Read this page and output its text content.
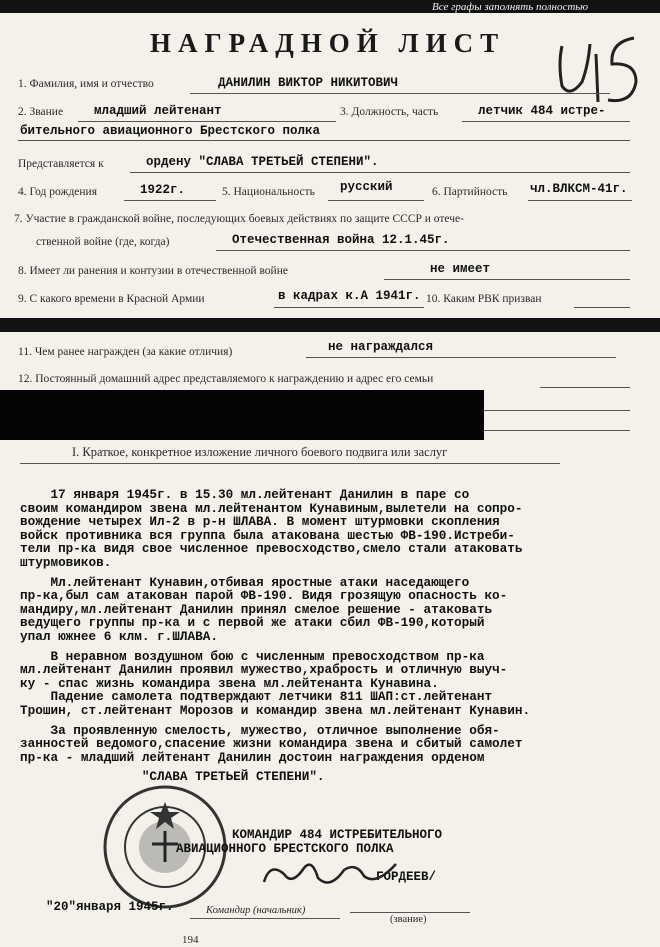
Все графы заполнять полностью
НАГРАДНОЙ ЛИСТ
1. Фамилия, имя и отчество	ДАНИЛИН ВИКТОР НИКИТОВИЧ
2. Звание младший лейтенант	3. Должность, часть	летчик 484 истре-
бительного авиационного Брестского полка
Представляется к	ордену "СЛАВА ТРЕТЬЕЙ СТЕПЕНИ".
4. Год рождения	1922г.	5. Национальность русский	6. Партийность чл.ВЛКСМ-41г.
7. Участие в гражданской войне, последующих боевых действиях по защите СССР и отече-
ственной войне (где, когда)	Отечественная война 12.1.45г.
8. Имеет ли ранения и контузии в отечественной войне	не имеет
9. С какого времени в Красной Армии	в кадрах к.А 1941г. 10. Каким РВК призван
11. Чем ранее награжден (за какие отличия)	не награждался
12. Постоянный домашний адрес представляемого к награждению и адрес его семьи
I. Краткое, конкретное изложение личного боевого подвига или заслуг
17 января 1945г. в 15.30 мл.лейтенант Данилин в паре со
своим командиром звена мл.лейтенантом Кунавиным,вылетели на сопро-
вождение четырех Ил-2 в р-н ШЛАВА. В момент штурмовки скопления
войск противника вся группа была атакована шестью ФВ-190.Истреби-
тели пр-ка видя свое численное превосходство,смело стали атаковать
штурмовиков.
Мл.лейтенант Кунавин,отбивая яростные атаки наседающего
пр-ка,был сам атакован парой ФВ-190. Видя грозящую опасность ко-
мандиру,мл.лейтенант Данилин принял смелое решение - атаковать
ведущего группы пр-ка и с первой же атаки сбил ФВ-190,который
упал южнее 6 клм. г.ШЛАВА.
В неравном воздушном бою с численным превосходством пр-ка
мл.лейтенант Данилин проявил мужество,храбрость и отличную выуч-
ку - спас жизнь командира звена мл.лейтенанта Кунавина.
Падение самолета подтверждают летчики 811 ШАП:ст.лейтенант
Трошин, ст.лейтенант Морозов и командир звена мл.лейтенант Кунавин.
За проявленную смелость, мужество, отличное выполнение обя-
занностей ведомого,спасение жизни командира звена и сбитый самолет
пр-ка - младший лейтенант Данилин достоин награждения орденом
"СЛАВА ТРЕТЬЕЙ СТЕПЕНИ".
КОМАНДИР 484 ИСТРЕБИТЕЛЬНОГО
АВИАЦИОННОГО БРЕСТСКОГО ПОЛКА
ГОРДЕЕВ/
"20"января 1945г.	Командир (начальник)
(звание)
194
